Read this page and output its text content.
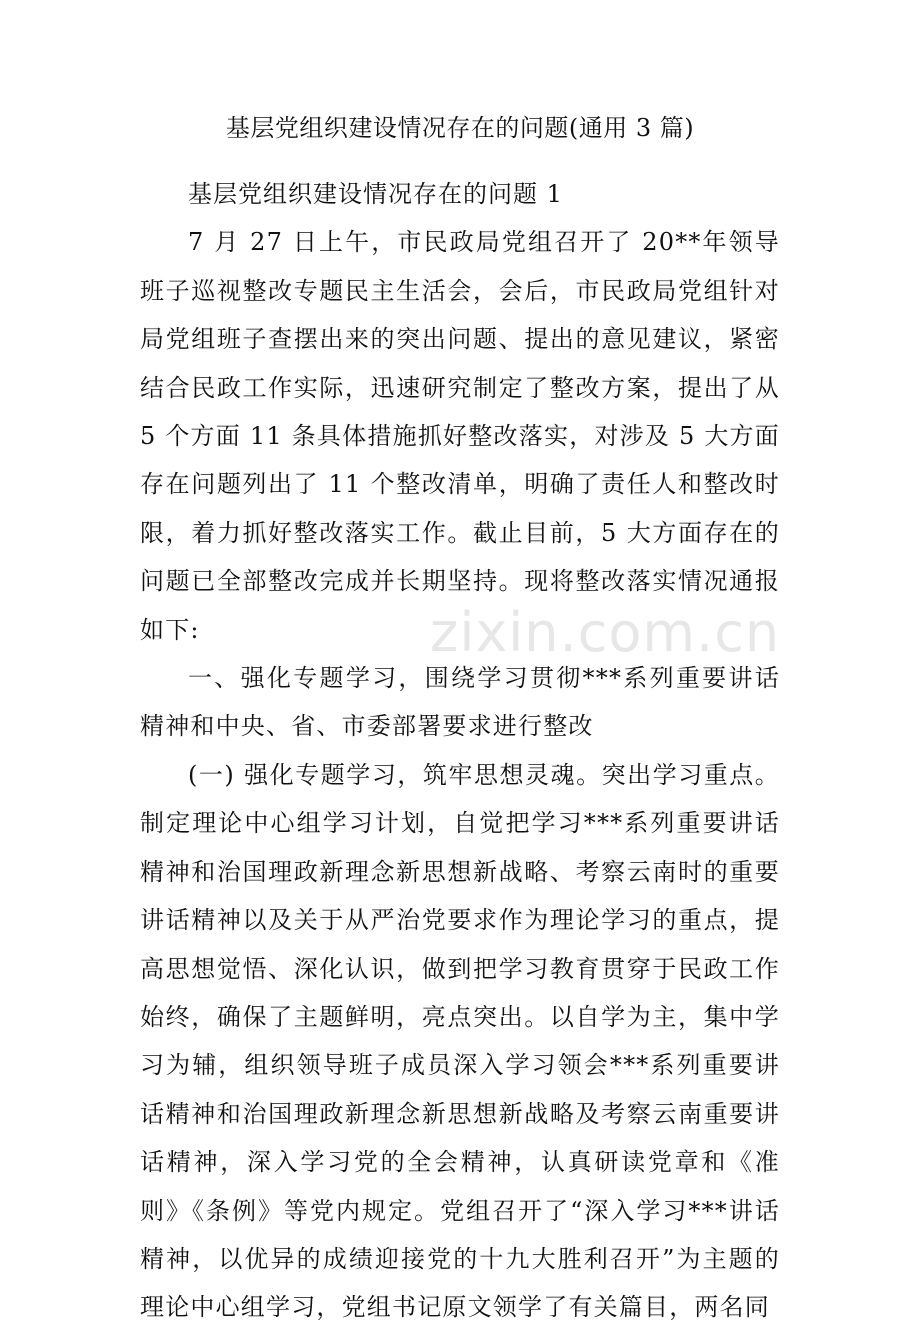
基层党组织建设情况存在的问题(通用 3 篇)

基层党组织建设情况存在的问题 1

7 月 27 日上午，市民政局党组召开了 20**年领导班子巡视整改专题民主生活会，会后，市民政局党组针对局党组班子查摆出来的突出问题、提出的意见建议，紧密结合民政工作实际，迅速研究制定了整改方案，提出了从 5 个方面 11 条具体措施抓好整改落实，对涉及 5 大方面存在问题列出了 11 个整改清单，明确了责任人和整改时限，着力抓好整改落实工作。截止目前，5 大方面存在的问题已全部整改完成并长期坚持。现将整改落实情况通报如下:

一、强化专题学习，围绕学习贯彻***系列重要讲话精神和中央、省、市委部署要求进行整改

(一) 强化专题学习，筑牢思想灵魂。突出学习重点。制定理论中心组学习计划，自觉把学习***系列重要讲话精神和治国理政新理念新思想新战略、考察云南时的重要讲话精神以及关于从严治党要求作为理论学习的重点，提高思想觉悟、深化认识，做到把学习教育贯穿于民政工作始终，确保了主题鲜明，亮点突出。以自学为主，集中学习为辅，组织领导班子成员深入学习领会***系列重要讲话精神和治国理政新理念新思想新战略及考察云南重要讲话精神，深入学习党的全会精神，认真研读党章和《准则》《条例》等党内规定。党组召开了“深入学习***讲话精神，以优异的成绩迎接党的十九大胜利召开”为主题的理论中心组学习，党组书记原文领学了有关篇目，两名同

zixin.com.cn
